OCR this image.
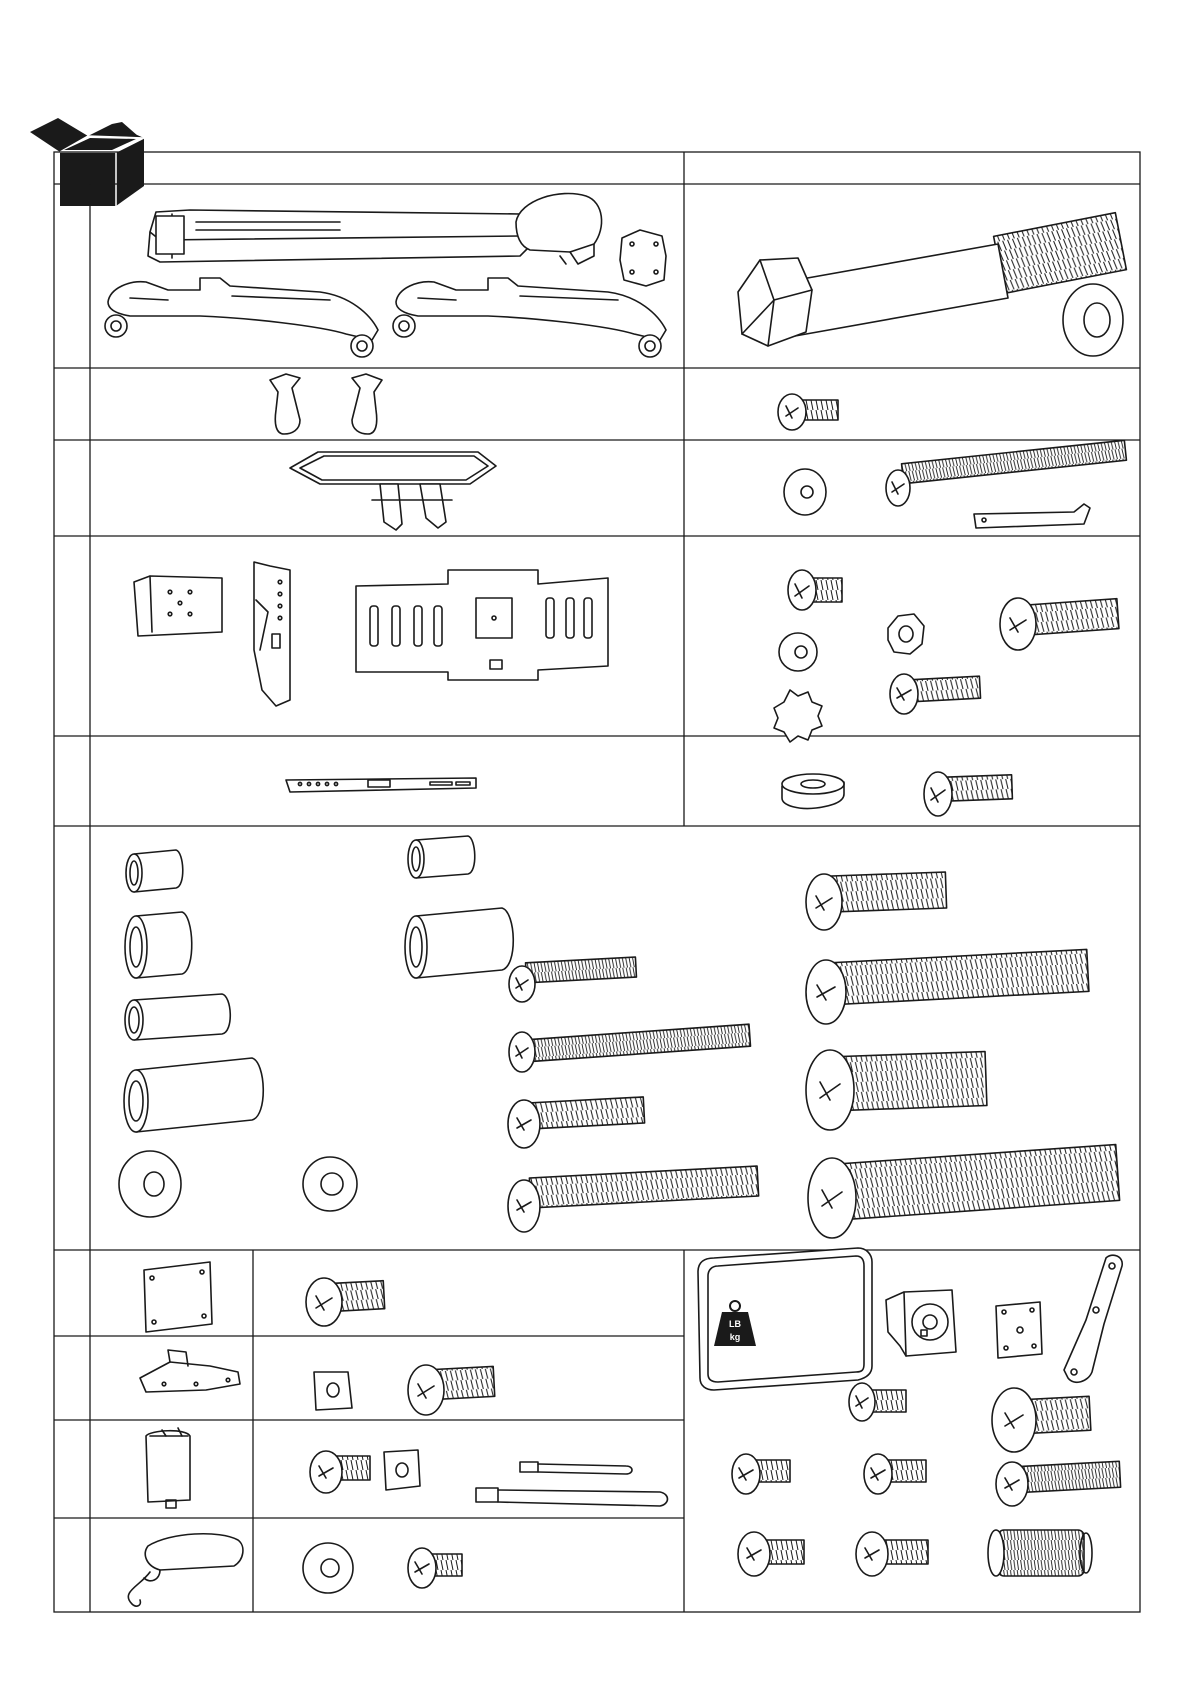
LB
kg
